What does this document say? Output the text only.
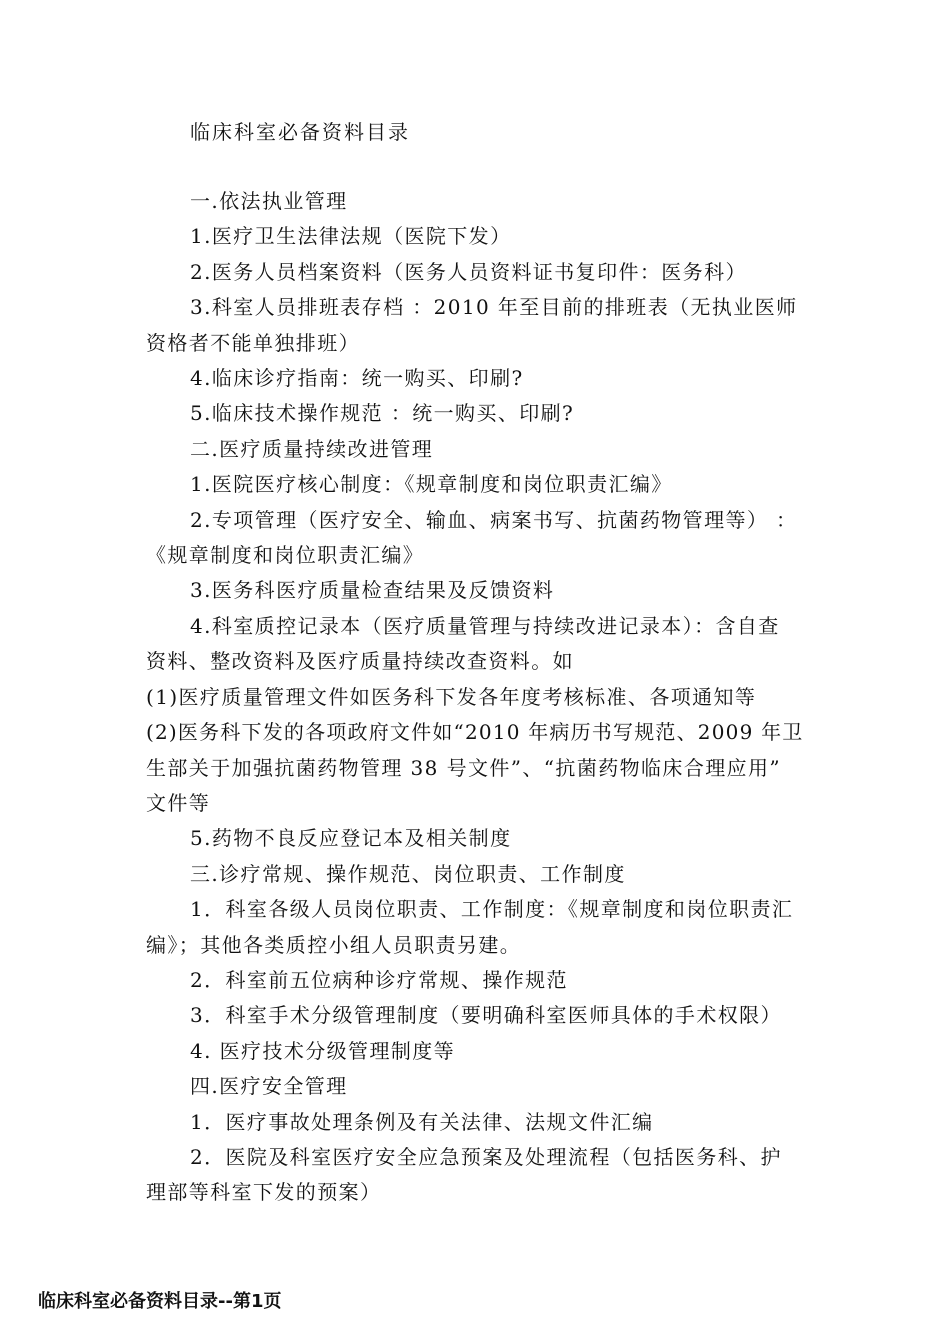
临床科室必备资料目录

一.依法执业管理

1.医疗卫生法律法规（医院下发）

2.医务人员档案资料（医务人员资料证书复印件：医务科）

3.科室人员排班表存档 ：2010 年至目前的排班表（无执业医师

资格者不能单独排班）

4.临床诊疗指南：统一购买、印刷?

5.临床技术操作规范 ：统一购买、印刷?

二.医疗质量持续改进管理

1.医院医疗核心制度：《规章制度和岗位职责汇编》

2.专项管理（医疗安全、输血、病案书写、抗菌药物管理等） ：

《规章制度和岗位职责汇编》

3.医务科医疗质量检查结果及反馈资料

4.科室质控记录本（医疗质量管理与持续改进记录本）：含自查

资料、整改资料及医疗质量持续改查资料。如

(1)医疗质量管理文件如医务科下发各年度考核标准、各项通知等

(2)医务科下发的各项政府文件如“2010 年病历书写规范、2009 年卫

生部关于加强抗菌药物管理 38 号文件”、“抗菌药物临床合理应用”

文件等

5.药物不良反应登记本及相关制度

三.诊疗常规、操作规范、岗位职责、工作制度

1．科室各级人员岗位职责、工作制度：《规章制度和岗位职责汇

编》；其他各类质控小组人员职责另建。

2．科室前五位病种诊疗常规、操作规范

3．科室手术分级管理制度（要明确科室医师具体的手术权限）

4. 医疗技术分级管理制度等

四.医疗安全管理

1．医疗事故处理条例及有关法律、法规文件汇编

2．医院及科室医疗安全应急预案及处理流程（包括医务科、护

理部等科室下发的预案）

临床科室必备资料目录--第1页
